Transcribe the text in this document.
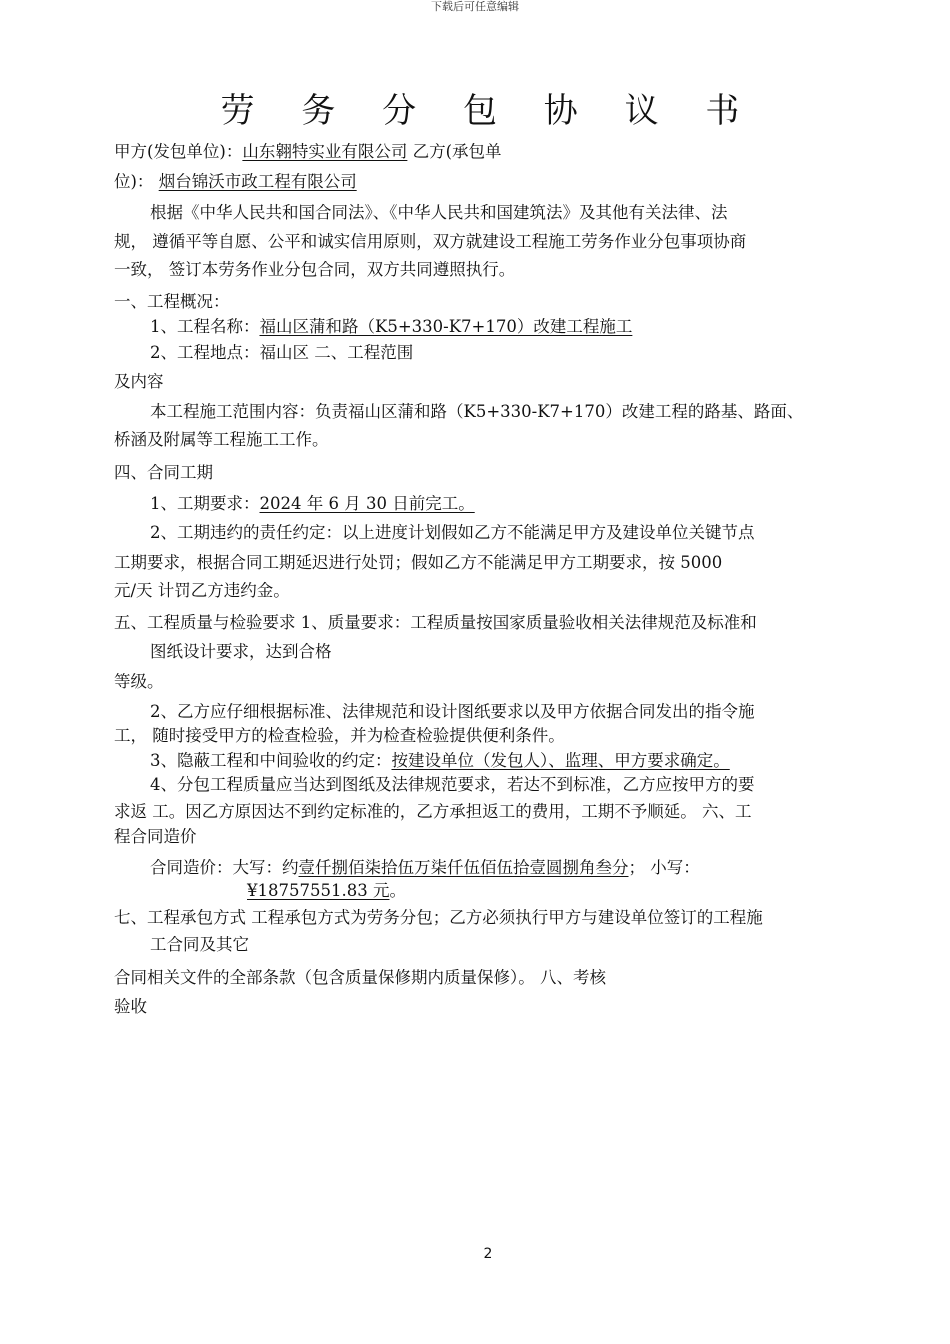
下载后可任意编辑
劳 务 分 包 协 议 书

甲方(发包单位)：山东翱特实业有限公司 乙方(承包单

位)： 烟台锦沃市政工程有限公司

根据《中华人民共和国合同法》、《中华人民共和国建筑法》及其他有关法律、法

规， 遵循平等自愿、公平和诚实信用原则，双方就建设工程施工劳务作业分包事项协商

一致， 签订本劳务作业分包合同，双方共同遵照执行。

一、工程概况：

1、工程名称：福山区蒲和路（K5+330-K7+170）改建工程施工

2、工程地点：福山区 二、工程范围

及内容

本工程施工范围内容：负责福山区蒲和路（K5+330-K7+170）改建工程的路基、路面、

桥涵及附属等工程施工工作。

四、合同工期

1、工期要求：2024 年 6 月 30 日前完工。

2、工期违约的责任约定：以上进度计划假如乙方不能满足甲方及建设单位关键节点

工期要求，根据合同工期延迟进行处罚；假如乙方不能满足甲方工期要求，按 5000

元/天 计罚乙方违约金。

五、工程质量与检验要求 1、质量要求：工程质量按国家质量验收相关法律规范及标准和

图纸设计要求，达到合格

等级。

2、乙方应仔细根据标准、法律规范和设计图纸要求以及甲方依据合同发出的指令施

工， 随时接受甲方的检查检验，并为检查检验提供便利条件。

3、隐蔽工程和中间验收的约定：按建设单位（发包人）、监理、甲方要求确定。

4、分包工程质量应当达到图纸及法律规范要求，若达不到标准，乙方应按甲方的要

求返 工。因乙方原因达不到约定标准的，乙方承担返工的费用，工期不予顺延。 六、工

程合同造价

合同造价：大写：约壹仟捌佰柒拾伍万柒仟伍佰伍拾壹圆捌角叁分； 小写：

¥18757551.83 元。

七、工程承包方式 工程承包方式为劳务分包；乙方必须执行甲方与建设单位签订的工程施

工合同及其它

合同相关文件的全部条款（包含质量保修期内质量保修）。 八、考核

验收

2
